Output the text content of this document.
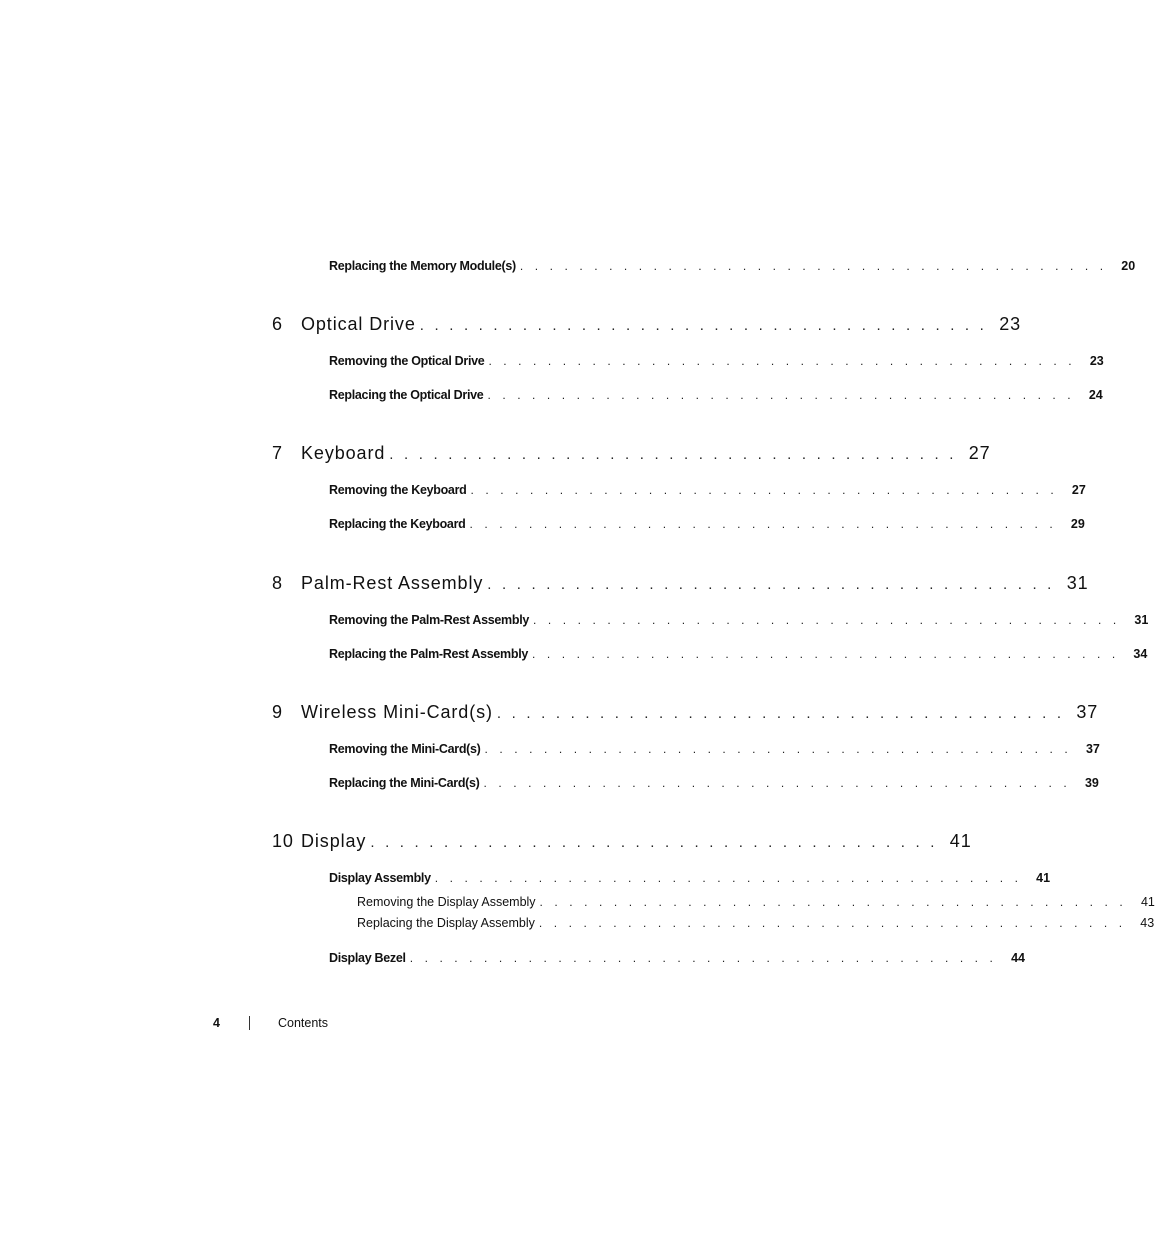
Replacing the Memory Module(s) . . . . . . . . . . . . . . . . . . . . . . . . . . . . . . . . . . . . . . . .	20
6	Optical Drive . . . . . . . . . . . . . . . . . . . . . . . . . . . . . . . . . . . . . . . 23
Removing the Optical Drive . . . . . . . . . . . . . . . . . . . . . . . . . . . . . . . . . . . . . . . .	23
Replacing the Optical Drive . . . . . . . . . . . . . . . . . . . . . . . . . . . . . . . . . . . . . . . .	24
7	Keyboard . . . . . . . . . . . . . . . . . . . . . . . . . . . . . . . . . . . . . . . 27
Removing the Keyboard . . . . . . . . . . . . . . . . . . . . . . . . . . . . . . . . . . . . . . . .	27
Replacing the Keyboard . . . . . . . . . . . . . . . . . . . . . . . . . . . . . . . . . . . . . . . .	29
8	Palm-Rest Assembly . . . . . . . . . . . . . . . . . . . . . . . . . . . . . . . . . . . . . . . 31
Removing the Palm-Rest Assembly . . . . . . . . . . . . . . . . . . . . . . . . . . . . . . . . . . . . . . . .	31
Replacing the Palm-Rest Assembly . . . . . . . . . . . . . . . . . . . . . . . . . . . . . . . . . . . . . . . .	34
9	Wireless Mini-Card(s) . . . . . . . . . . . . . . . . . . . . . . . . . . . . . . . . . . . . . . . 37
Removing the Mini-Card(s) . . . . . . . . . . . . . . . . . . . . . . . . . . . . . . . . . . . . . . . .	37
Replacing the Mini-Card(s) . . . . . . . . . . . . . . . . . . . . . . . . . . . . . . . . . . . . . . . .	39
10 Display . . . . . . . . . . . . . . . . . . . . . . . . . . . . . . . . . . . . . . . 41
Display Assembly . . . . . . . . . . . . . . . . . . . . . . . . . . . . . . . . . . . . . . . .	41
Removing the Display Assembly . . . . . . . . . . . . . . . . . . . . . . . . . . . . . . . . . . . . . . . .	41
Replacing the Display Assembly . . . . . . . . . . . . . . . . . . . . . . . . . . . . . . . . . . . . . . . .	43
Display Bezel . . . . . . . . . . . . . . . . . . . . . . . . . . . . . . . . . . . . . . . .	44
4	Contents
